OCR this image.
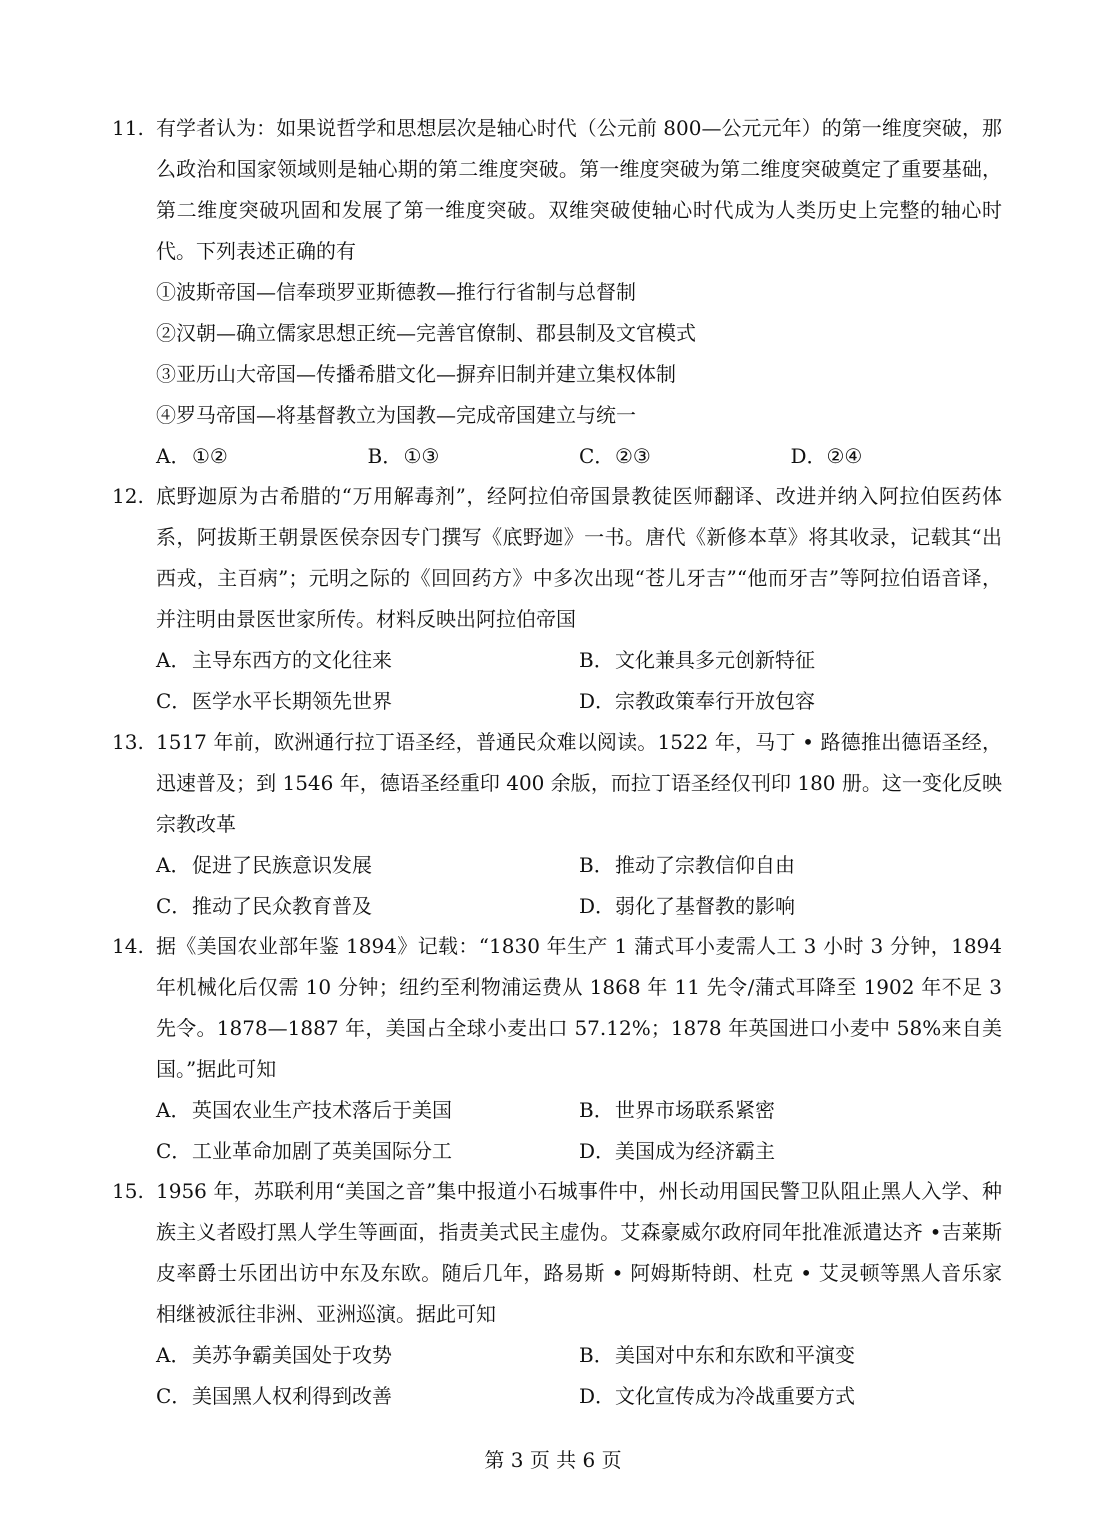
11. 有学者认为：如果说哲学和思想层次是轴心时代（公元前 800—公元元年）的第一维度突破，那么政治和国家领域则是轴心期的第二维度突破。第一维度突破为第二维度突破奠定了重要基础，第二维度突破巩固和发展了第一维度突破。双维突破使轴心时代成为人类历史上完整的轴心时代。下列表述正确的有
①波斯帝国—信奉琐罗亚斯德教—推行行省制与总督制
②汉朝—确立儒家思想正统—完善官僚制、郡县制及文官模式
③亚历山大帝国—传播希腊文化—摒弃旧制并建立集权体制
④罗马帝国—将基督教立为国教—完成帝国建立与统一
A．①②	B．①③	C．②③	D．②④
12. 底野迦原为古希腊的“万用解毒剂”，经阿拉伯帝国景教徒医师翻译、改进并纳入阿拉伯医药体系，阿拔斯王朝景医侯奈因专门撰写《底野迦》一书。唐代《新修本草》将其收录，记载其“出西戎，主百病”；元明之际的《回回药方》中多次出现“苍儿牙吉”“他而牙吉”等阿拉伯语音译，并注明由景医世家所传。材料反映出阿拉伯帝国
A．主导东西方的文化往来	B．文化兼具多元创新特征
C．医学水平长期领先世界	D．宗教政策奉行开放包容
13. 1517 年前，欧洲通行拉丁语圣经，普通民众难以阅读。1522 年，马丁 • 路德推出德语圣经，迅速普及；到 1546 年，德语圣经重印 400 余版，而拉丁语圣经仅刊印 180 册。这一变化反映宗教改革
A．促进了民族意识发展	B．推动了宗教信仰自由
C．推动了民众教育普及	D．弱化了基督教的影响
14. 据《美国农业部年鉴 1894》记载：“1830 年生产 1 蒲式耳小麦需人工 3 小时 3 分钟，1894 年机械化后仅需 10 分钟；纽约至利物浦运费从 1868 年 11 先令/蒲式耳降至 1902 年不足 3 先令。1878—1887 年，美国占全球小麦出口 57.12%；1878 年英国进口小麦中 58%来自美国。”据此可知
A．英国农业生产技术落后于美国	B．世界市场联系紧密
C．工业革命加剧了英美国际分工	D．美国成为经济霸主
15. 1956 年，苏联利用“美国之音”集中报道小石城事件中，州长动用国民警卫队阻止黑人入学、种族主义者殴打黑人学生等画面，指责美式民主虚伪。艾森豪威尔政府同年批准派遣达齐 •吉莱斯皮率爵士乐团出访中东及东欧。随后几年，路易斯 • 阿姆斯特朗、杜克 • 艾灵顿等黑人音乐家相继被派往非洲、亚洲巡演。据此可知
A．美苏争霸美国处于攻势	B．美国对中东和东欧和平演变
C．美国黑人权利得到改善	D．文化宣传成为冷战重要方式
第 3 页 共 6 页
